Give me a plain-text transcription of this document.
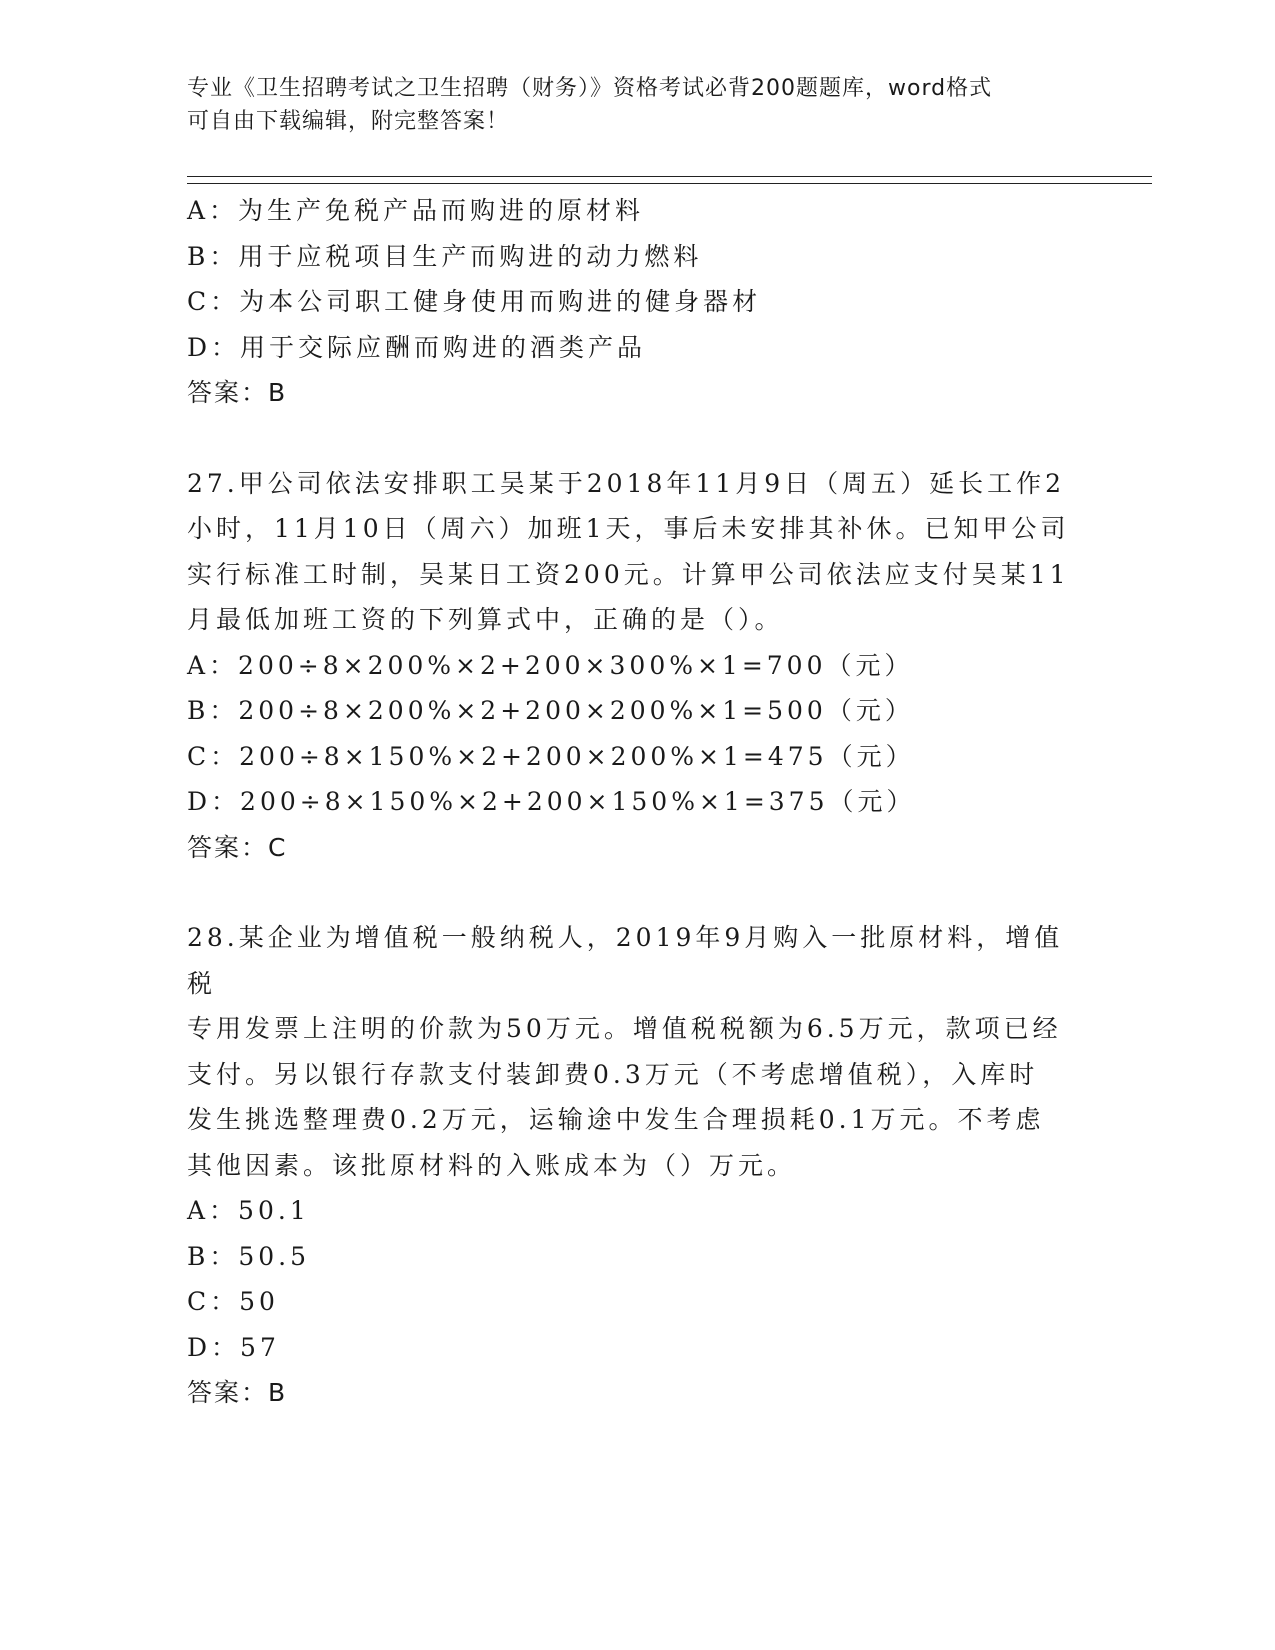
专业《卫生招聘考试之卫生招聘（财务）》资格考试必背200题题库，word格式
可自由下载编辑，附完整答案！
A：为生产免税产品而购进的原材料
B：用于应税项目生产而购进的动力燃料
C：为本公司职工健身使用而购进的健身器材
D：用于交际应酬而购进的酒类产品
答案：B
27.甲公司依法安排职工吴某于2018年11月9日（周五）延长工作2
小时，11月10日（周六）加班1天，事后未安排其补休。已知甲公司
实行标准工时制，吴某日工资200元。计算甲公司依法应支付吴某11
月最低加班工资的下列算式中，正确的是（）。
A：200÷8×200%×2+200×300%×1=700（元）
B：200÷8×200%×2+200×200%×1=500（元）
C：200÷8×150%×2+200×200%×1=475（元）
D：200÷8×150%×2+200×150%×1=375（元）
答案：C
28.某企业为增值税一般纳税人，2019年9月购入一批原材料，增值税
专用发票上注明的价款为50万元。增值税税额为6.5万元，款项已经
支付。另以银行存款支付装卸费0.3万元（不考虑增值税），入库时
发生挑选整理费0.2万元，运输途中发生合理损耗0.1万元。不考虑
其他因素。该批原材料的入账成本为（）万元。
A：50.1
B：50.5
C：50
D：57
答案：B
